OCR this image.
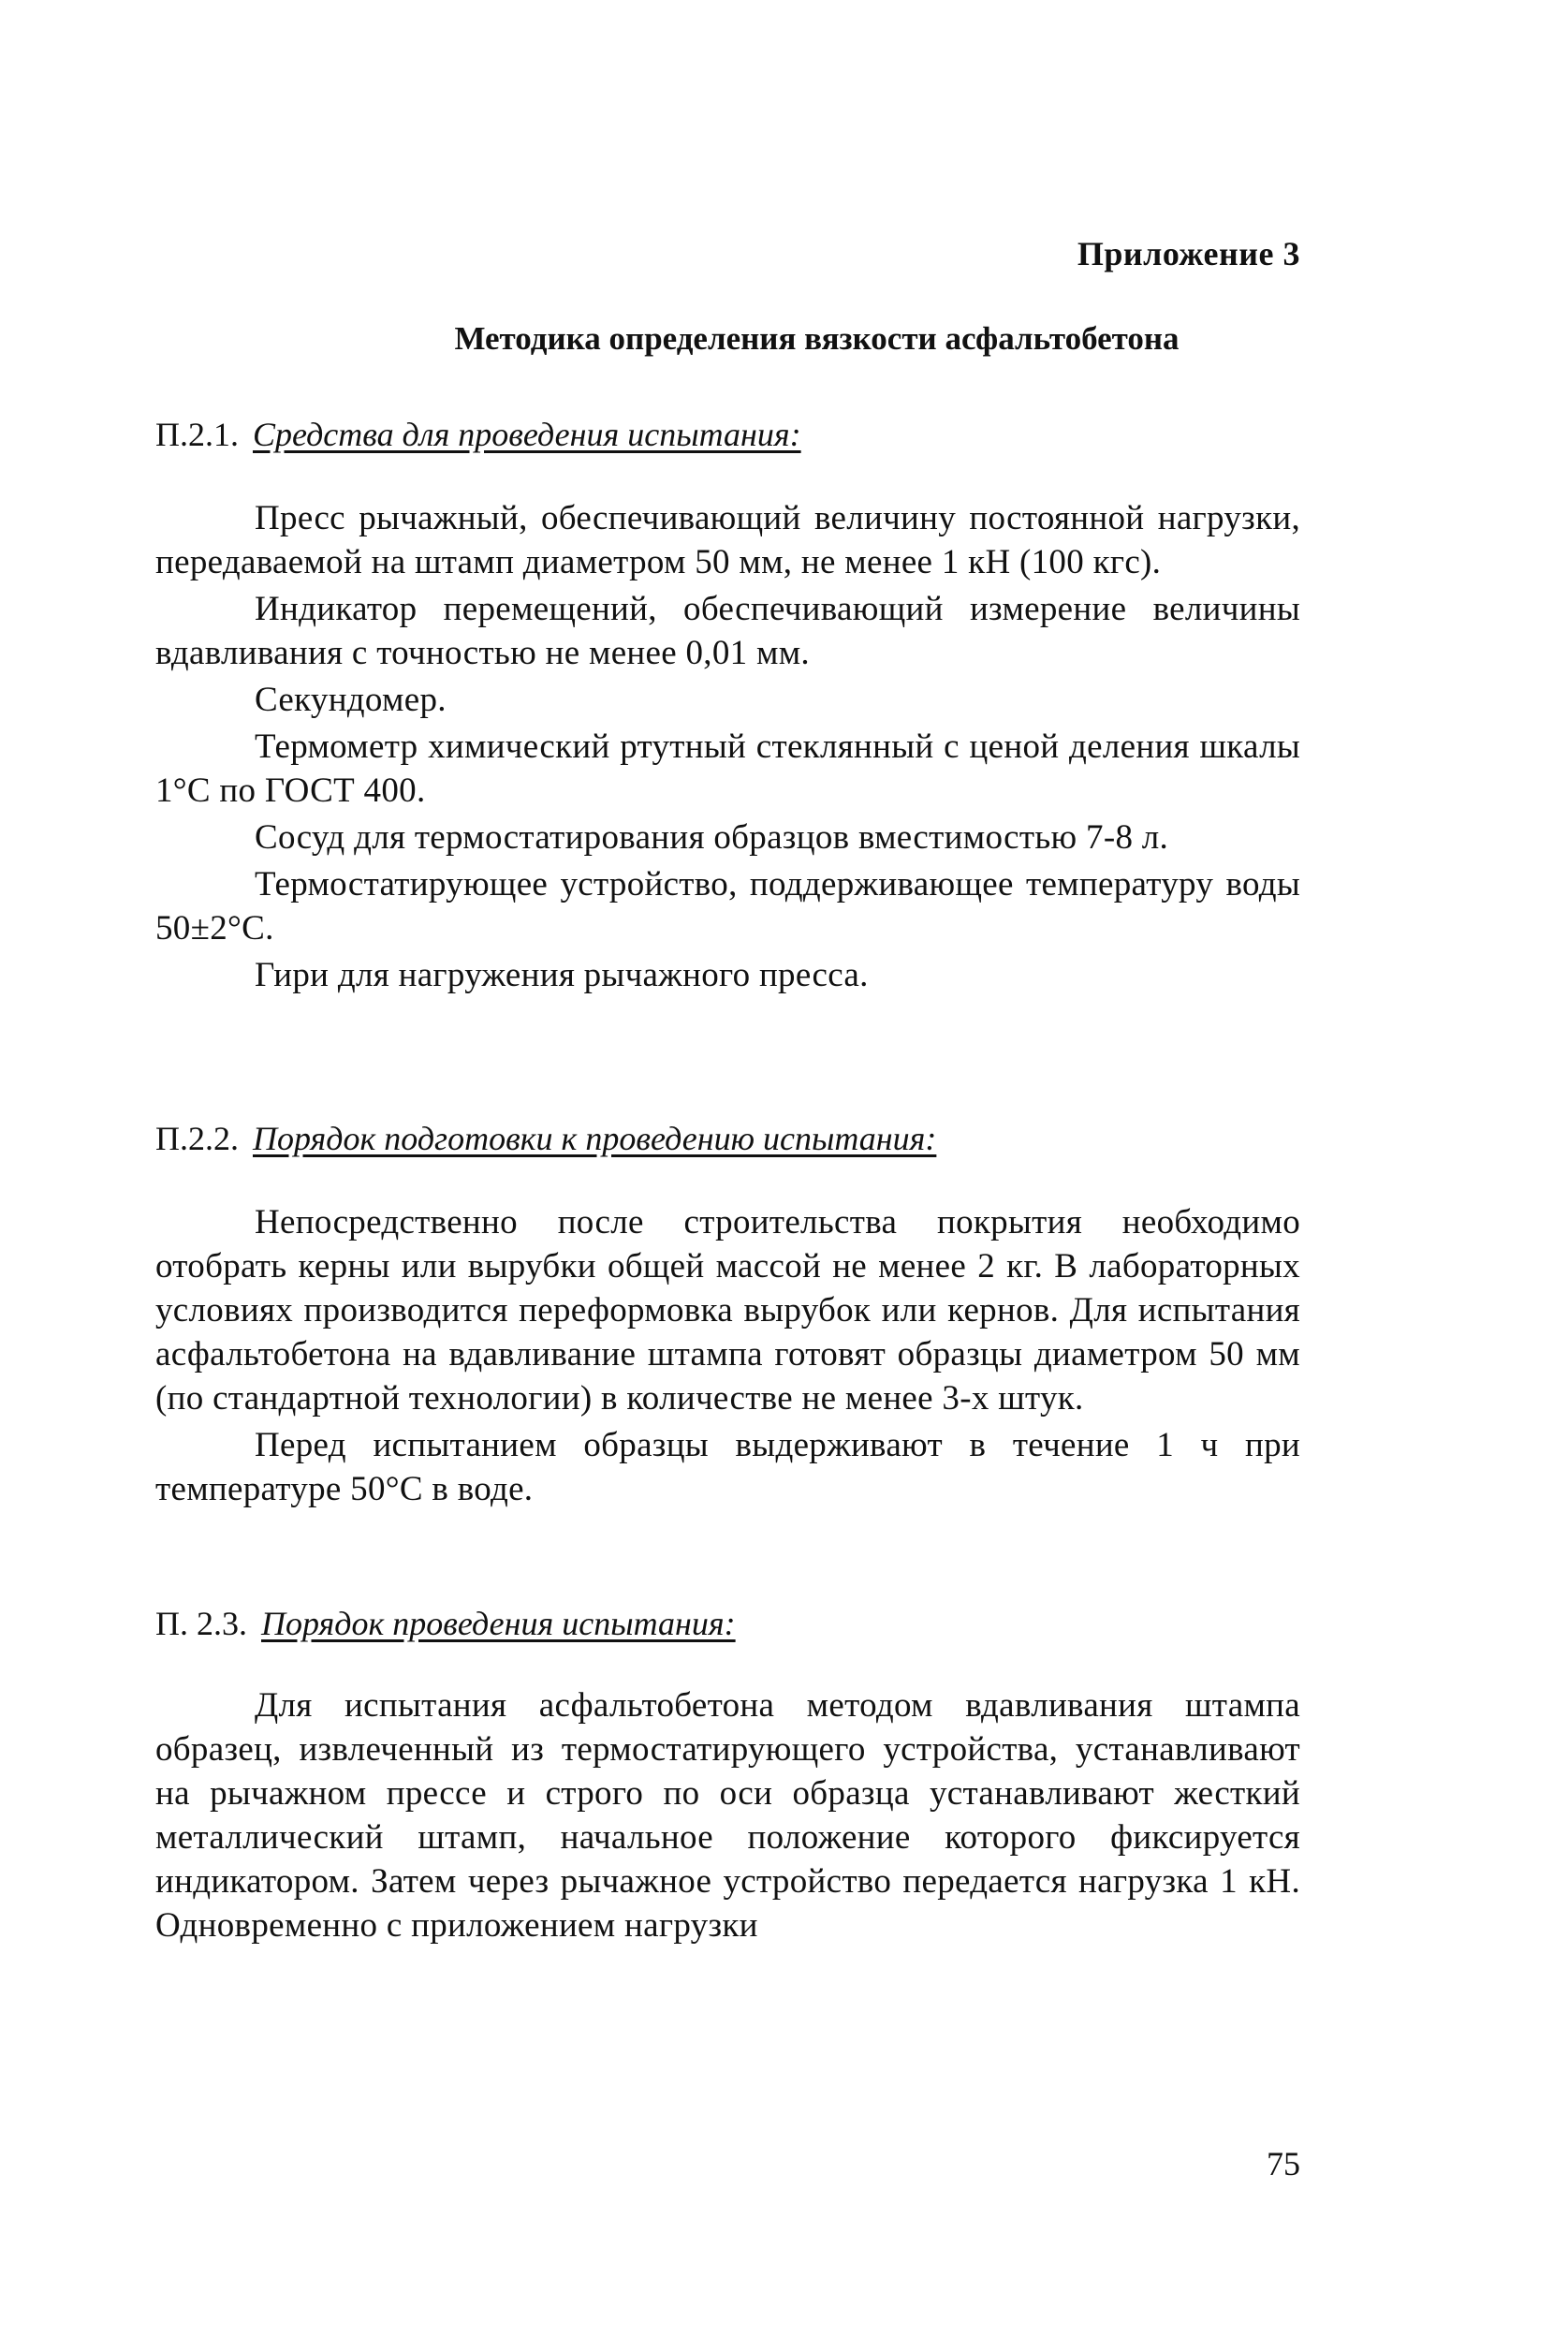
Приложение 3
Методика определения вязкости асфальтобетона
П.2.1. Средства для проведения испытания:

Пресс рычажный, обеспечивающий величину постоянной нагрузки, передаваемой на штамп диаметром 50 мм, не менее 1 кН (100 кгс).

Индикатор перемещений, обеспечивающий измерение величины вдавливания с точностью не менее 0,01 мм.

Секундомер.

Термометр химический ртутный стеклянный с ценой деления шкалы 1°С по ГОСТ 400.

Сосуд для термостатирования образцов вместимостью 7-8 л.

Термостатирующее устройство, поддерживающее температуру воды 50±2°С.

Гири для нагружения рычажного пресса.

П.2.2. Порядок подготовки к проведению испытания:

Непосредственно после строительства покрытия необходимо отобрать керны или вырубки общей массой не менее 2 кг. В лабораторных условиях производится переформовка вырубок или кернов. Для испытания асфальтобетона на вдавливание штампа готовят образцы диаметром 50 мм (по стандартной технологии) в количестве не менее 3-х штук.

Перед испытанием образцы выдерживают в течение 1 ч при температуре 50°С в воде.

П. 2.3. Порядок проведения испытания:

Для испытания асфальтобетона методом вдавливания штампа образец, извлеченный из термостатирующего устройства, устанавливают на рычажном прессе и строго по оси образца устанавливают жесткий металлический штамп, начальное положение которого фиксируется индикатором. Затем через рычажное устройство передается нагрузка 1 кН. Одновременно с приложением нагрузки

75
